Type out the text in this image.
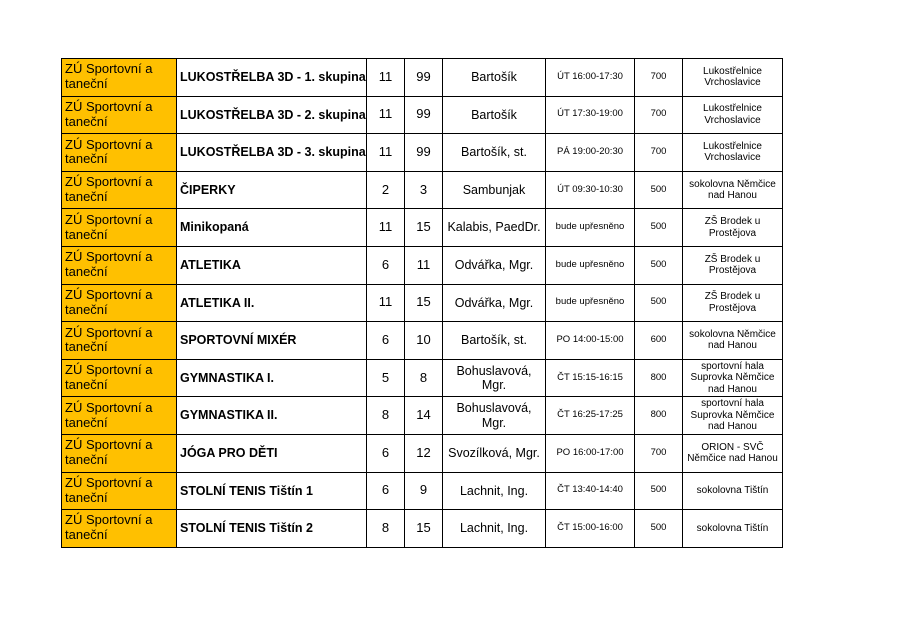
ZÚ Sportovní a taneční	LUKOSTŘELBA 3D - 1. skupina	11	99	Bartošík	ÚT 16:00-17:30	700	Lukostřelnice Vrchoslavice
ZÚ Sportovní a taneční	LUKOSTŘELBA 3D - 2. skupina	11	99	Bartošík	ÚT 17:30-19:00	700	Lukostřelnice Vrchoslavice
ZÚ Sportovní a taneční	LUKOSTŘELBA 3D - 3. skupina	11	99	Bartošík, st.	PÁ 19:00-20:30	700	Lukostřelnice Vrchoslavice
ZÚ Sportovní a taneční	ČIPERKY	2	3	Sambunjak	ÚT 09:30-10:30	500	sokolovna Němčice nad Hanou
ZÚ Sportovní a taneční	Minikopaná	11	15	Kalabis, PaedDr.	bude upřesněno	500	ZŠ Brodek u Prostějova
ZÚ Sportovní a taneční	ATLETIKA	6	11	Odvářka, Mgr.	bude upřesněno	500	ZŠ Brodek u Prostějova
ZÚ Sportovní a taneční	ATLETIKA II.	11	15	Odvářka, Mgr.	bude upřesněno	500	ZŠ Brodek u Prostějova
ZÚ Sportovní a taneční	SPORTOVNÍ MIXÉR	6	10	Bartošík, st.	PO 14:00-15:00	600	sokolovna Němčice nad Hanou
ZÚ Sportovní a taneční	GYMNASTIKA I.	5	8	Bohuslavová, Mgr.	ČT 15:15-16:15	800	sportovní hala Suprovka Němčice nad Hanou
ZÚ Sportovní a taneční	GYMNASTIKA II.	8	14	Bohuslavová, Mgr.	ČT 16:25-17:25	800	sportovní hala Suprovka Němčice nad Hanou
ZÚ Sportovní a taneční	JÓGA PRO DĚTI	6	12	Svozílková, Mgr.	PO 16:00-17:00	700	ORION - SVČ Němčice nad Hanou
ZÚ Sportovní a taneční	STOLNÍ TENIS Tištín 1	6	9	Lachnit, Ing.	ČT 13:40-14:40	500	sokolovna Tištín
ZÚ Sportovní a taneční	STOLNÍ TENIS Tištín 2	8	15	Lachnit, Ing.	ČT 15:00-16:00	500	sokolovna Tištín
